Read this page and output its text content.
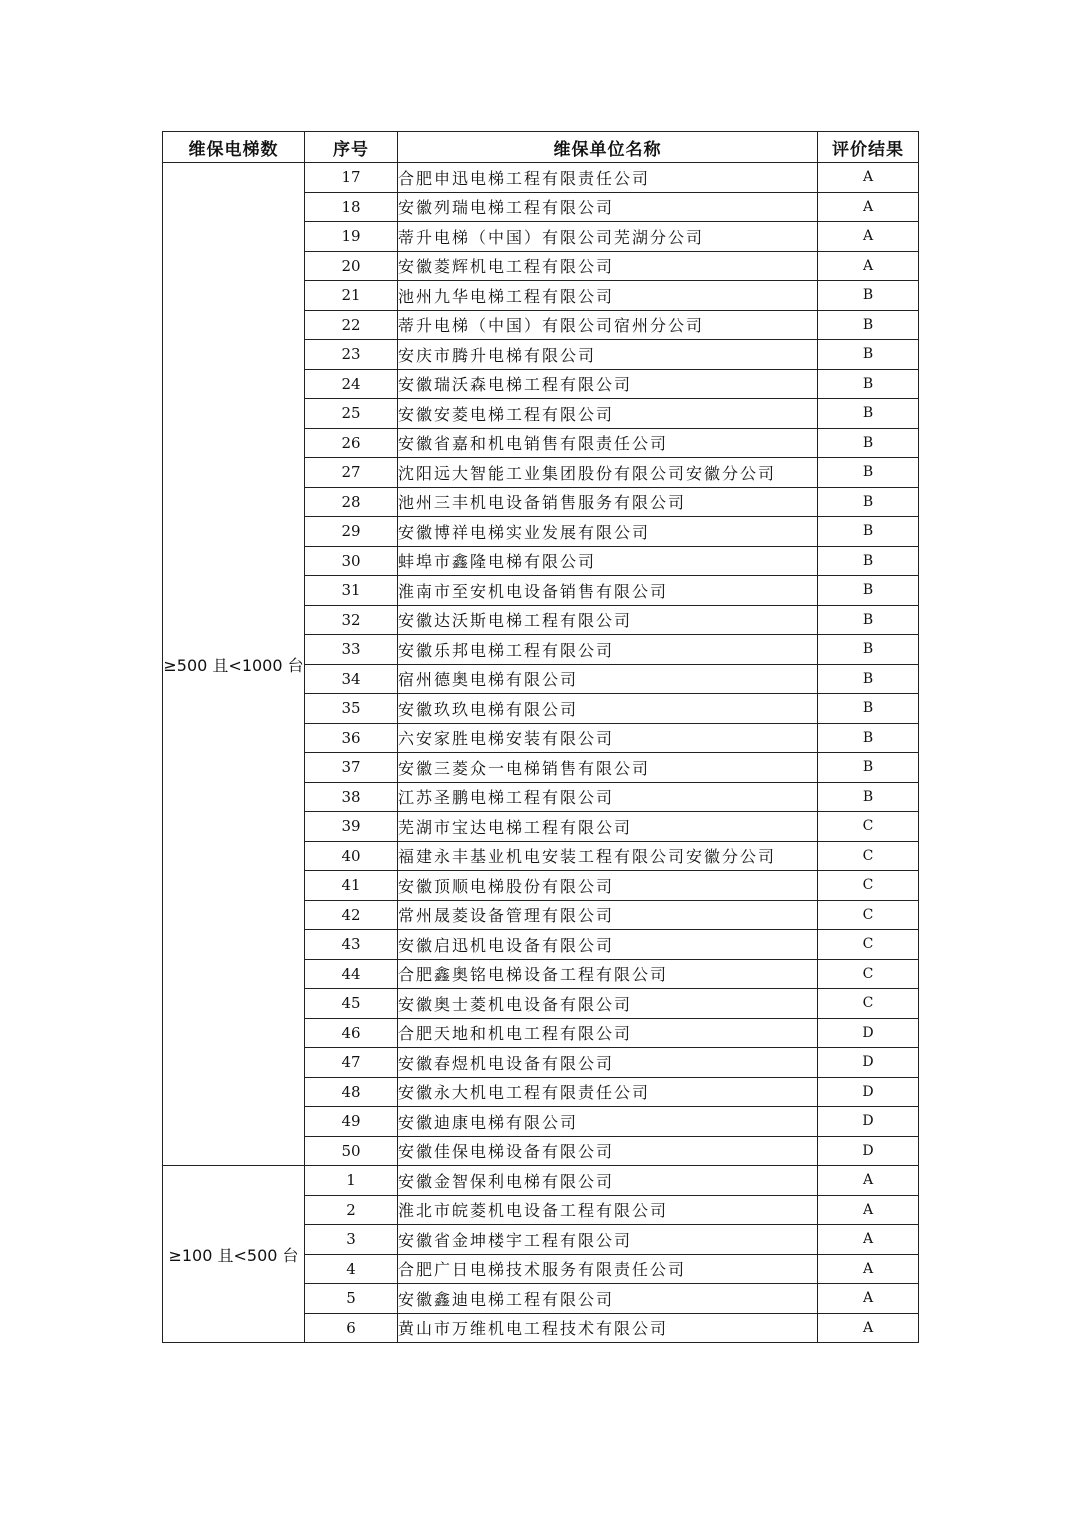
维保电梯数	序号	维保单位名称	评价结果
≥500 且<1000 台	17	合肥申迅电梯工程有限责任公司	A
	18	安徽列瑞电梯工程有限公司	A
	19	蒂升电梯（中国）有限公司芜湖分公司	A
	20	安徽菱辉机电工程有限公司	A
	21	池州九华电梯工程有限公司	B
	22	蒂升电梯（中国）有限公司宿州分公司	B
	23	安庆市腾升电梯有限公司	B
	24	安徽瑞沃森电梯工程有限公司	B
	25	安徽安菱电梯工程有限公司	B
	26	安徽省嘉和机电销售有限责任公司	B
	27	沈阳远大智能工业集团股份有限公司安徽分公司	B
	28	池州三丰机电设备销售服务有限公司	B
	29	安徽博祥电梯实业发展有限公司	B
	30	蚌埠市鑫隆电梯有限公司	B
	31	淮南市至安机电设备销售有限公司	B
	32	安徽达沃斯电梯工程有限公司	B
	33	安徽乐邦电梯工程有限公司	B
	34	宿州德奥电梯有限公司	B
	35	安徽玖玖电梯有限公司	B
	36	六安家胜电梯安装有限公司	B
	37	安徽三菱众一电梯销售有限公司	B
	38	江苏圣鹏电梯工程有限公司	B
	39	芜湖市宝达电梯工程有限公司	C
	40	福建永丰基业机电安装工程有限公司安徽分公司	C
	41	安徽顶顺电梯股份有限公司	C
	42	常州晟菱设备管理有限公司	C
	43	安徽启迅机电设备有限公司	C
	44	合肥鑫奥铭电梯设备工程有限公司	C
	45	安徽奥士菱机电设备有限公司	C
	46	合肥天地和机电工程有限公司	D
	47	安徽春煜机电设备有限公司	D
	48	安徽永大机电工程有限责任公司	D
	49	安徽迪康电梯有限公司	D
	50	安徽佳保电梯设备有限公司	D
≥100 且<500 台	1	安徽金智保利电梯有限公司	A
	2	淮北市皖菱机电设备工程有限公司	A
	3	安徽省金坤楼宇工程有限公司	A
	4	合肥广日电梯技术服务有限责任公司	A
	5	安徽鑫迪电梯工程有限公司	A
	6	黄山市万维机电工程技术有限公司	A
